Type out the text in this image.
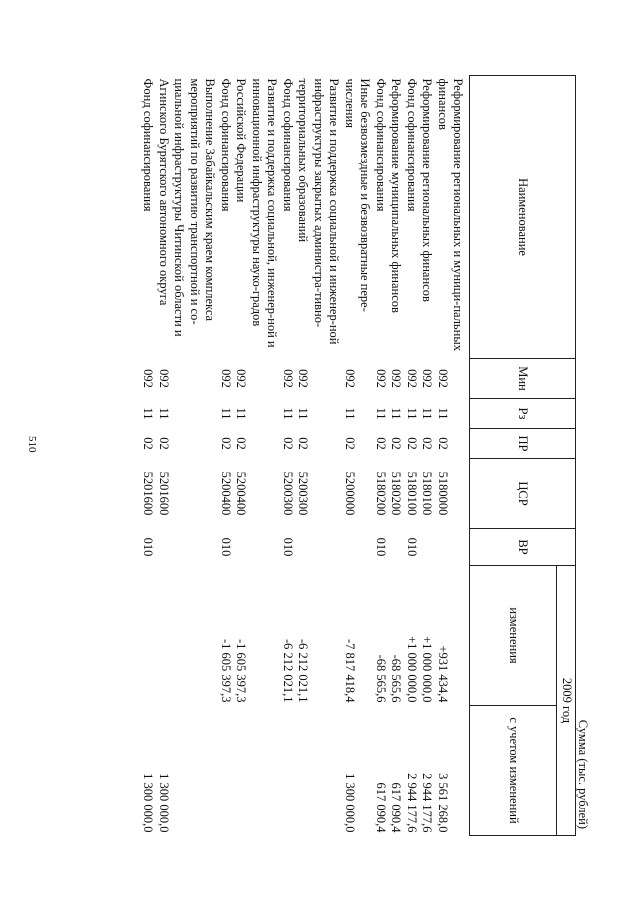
510
Сумма (тыс. рублей)
Наименование	Мин	Рз	ПР	ЦСР	ВР	2009 год	
						изменения	с учетом изменений
Реформирование региональных и муници-пальных финансов	092	11	02	5180000		+931 434,4	3 561 268,0
Реформирование региональных финансов	092	11	02	5180100		+1 000 000,0	2 944 177,6
Фонд софинансирования	092	11	02	5180100	010	+1 000 000,0	2 944 177,6
Реформирование муниципальных финансов	092	11	02	5180200		-68 565,6	617 090,4
Фонд софинансирования	092	11	02	5180200	010	-68 565,6	617 090,4
Иные безвозмездные и безвозвратные пере-числения	092	11	02	5200000		-7 817 418,4	1 300 000,0
Развитие и поддержка социальной и инженер-ной инфраструктуры закрытых администра-тивно-территориальных образований	092	11	02	5200300		-6 212 021,1	
Фонд софинансирования	092	11	02	5200300	010	-6 212 021,1	
Развитие и поддержка социальной, инженер-ной и инновационной инфраструктуры науко-градов Российской Федерации	092	11	02	5200400		-1 605 397,3	
Фонд софинансирования	092	11	02	5200400	010	-1 605 397,3	
Выполнение Забайкальским краем комплекса мероприятий по развитию транспортной и со-циальной инфраструктуры Читинской области и Агинского Бурятского автономного округа	092	11	02	5201600			1 300 000,0
Фонд софинансирования	092	11	02	5201600	010		1 300 000,0
